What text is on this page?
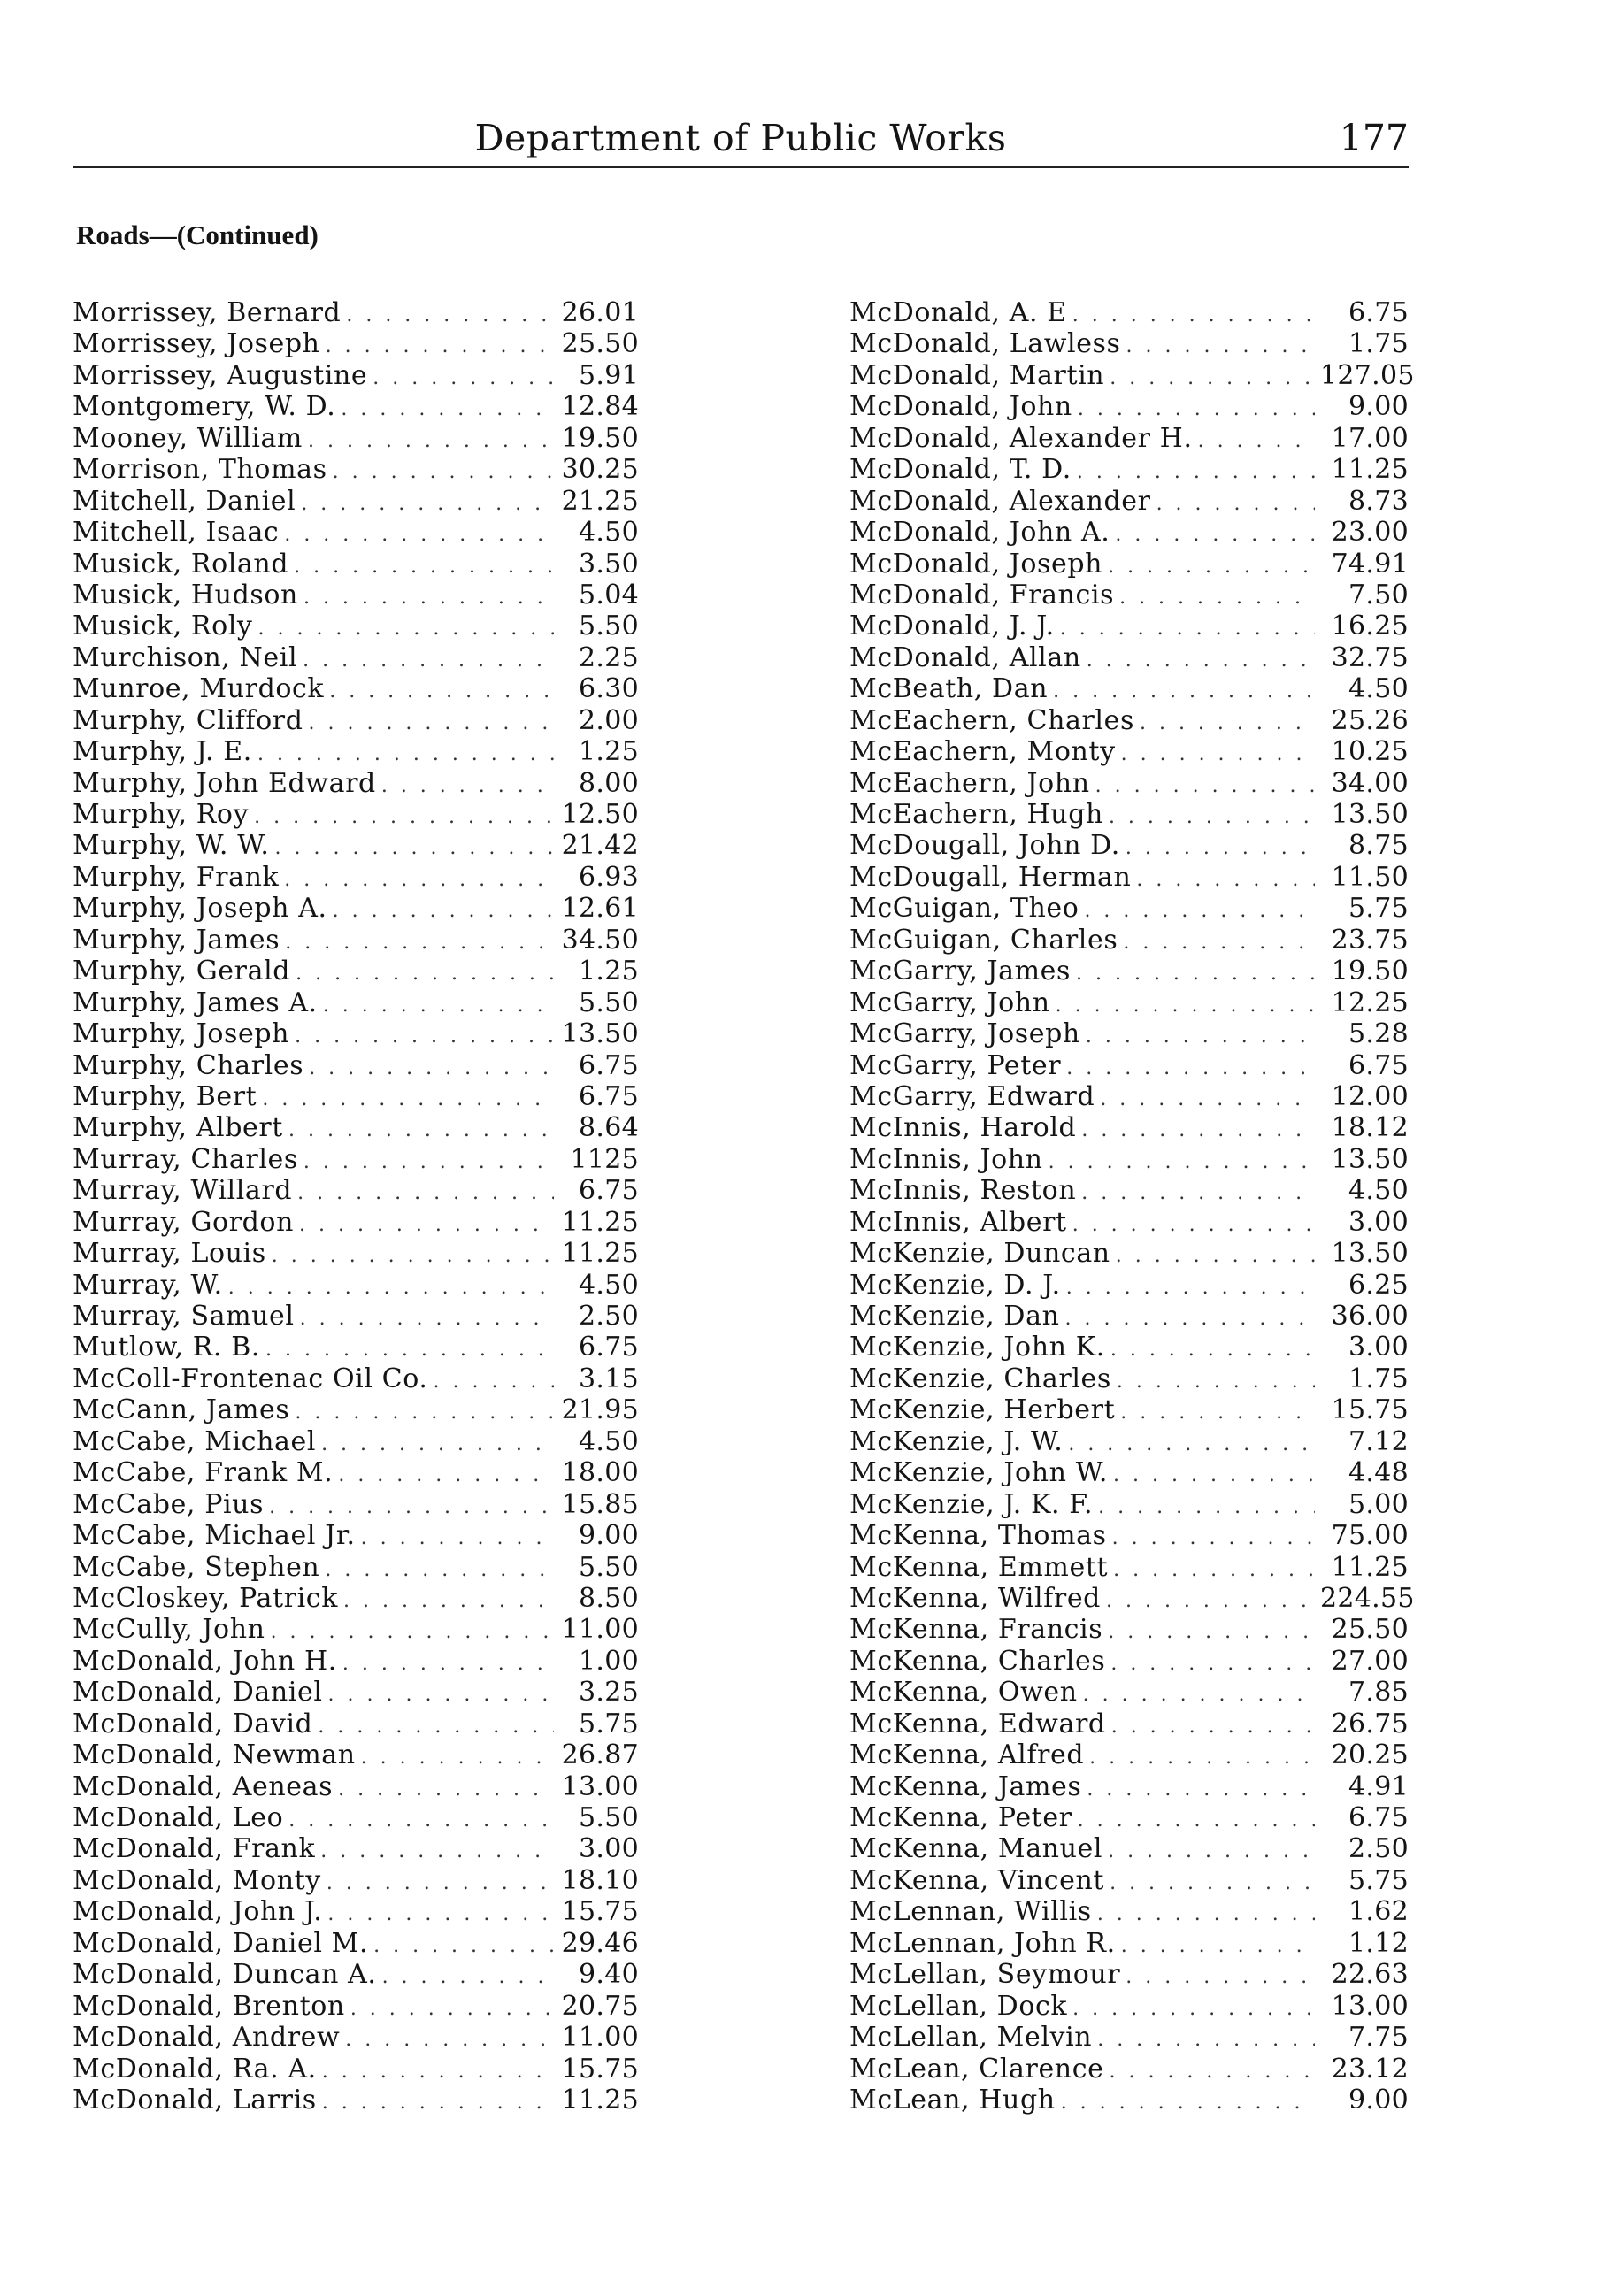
Department of Public Works	177
Roads—(Continued)
Morrissey, Bernard . . .	26.01
Morrissey, Joseph . . .	25.50
Morrissey, Augustine . . .	5.91
Montgomery, W. D. . . .	12.84
Mooney, William . . .	19.50
Morrison, Thomas . . .	30.25
Mitchell, Daniel . . .	21.25
Mitchell, Isaac . . .	4.50
Musick, Roland . . .	3.50
Musick, Hudson . . .	5.04
Musick, Roly . . .	5.50
Murchison, Neil . . .	2.25
Munroe, Murdock . . .	6.30
Murphy, Clifford . . .	2.00
Murphy, J. E. . . .	1.25
Murphy, John Edward . . .	8.00
Murphy, Roy . . .	12.50
Murphy, W. W. . . .	21.42
Murphy, Frank . . .	6.93
Murphy, Joseph A. . . .	12.61
Murphy, James . . .	34.50
Murphy, Gerald . . .	1.25
Murphy, James A. . . .	5.50
Murphy, Joseph . . .	13.50
Murphy, Charles . . .	6.75
Murphy, Bert . . .	6.75
Murphy, Albert . . .	8.64
Murray, Charles . . .	1125
Murray, Willard . . .	6.75
Murray, Gordon . . .	11.25
Murray, Louis . . .	11.25
Murray, W. . . .	4.50
Murray, Samuel . . .	2.50
Mutlow, R. B. . . .	6.75
McColl-Frontenac Oil Co. . . .	3.15
McCann, James . . .	21.95
McCabe, Michael . . .	4.50
McCabe, Frank M. . . .	18.00
McCabe, Pius . . .	15.85
McCabe, Michael Jr. . . .	9.00
McCabe, Stephen . . .	5.50
McCloskey, Patrick . . .	8.50
McCully, John . . .	11.00
McDonald, John H. . . .	1.00
McDonald, Daniel . . .	3.25
McDonald, David . . .	5.75
McDonald, Newman . . .	26.87
McDonald, Aeneas . . .	13.00
McDonald, Leo . . .	5.50
McDonald, Frank . . .	3.00
McDonald, Monty . . .	18.10
McDonald, John J. . . .	15.75
McDonald, Daniel M. . . .	29.46
McDonald, Duncan A. . . .	9.40
McDonald, Brenton . . .	20.75
McDonald, Andrew . . .	11.00
McDonald, Ra. A. . . .	15.75
McDonald, Larris . . .	11.25
McDonald, A. E . . .	6.75
McDonald, Lawless . . .	1.75
McDonald, Martin . . .	127.05
McDonald, John . . .	9.00
McDonald, Alexander H. . . .	17.00
McDonald, T. D. . . .	11.25
McDonald, Alexander . . .	8.73
McDonald, John A. . . .	23.00
McDonald, Joseph . . .	74.91
McDonald, Francis . . .	7.50
McDonald, J. J. . . .	16.25
McDonald, Allan . . .	32.75
McBeath, Dan . . .	4.50
McEachern, Charles . . .	25.26
McEachern, Monty . . .	10.25
McEachern, John . . .	34.00
McEachern, Hugh . . .	13.50
McDougall, John D. . . .	8.75
McDougall, Herman . . .	11.50
McGuigan, Theo . . .	5.75
McGuigan, Charles . . .	23.75
McGarry, James . . .	19.50
McGarry, John . . .	12.25
McGarry, Joseph . . .	5.28
McGarry, Peter . . .	6.75
McGarry, Edward . . .	12.00
McInnis, Harold . . .	18.12
McInnis, John . . .	13.50
McInnis, Reston . . .	4.50
McInnis, Albert . . .	3.00
McKenzie, Duncan . . .	13.50
McKenzie, D. J. . . .	6.25
McKenzie, Dan . . .	36.00
McKenzie, John K. . . .	3.00
McKenzie, Charles . . .	1.75
McKenzie, Herbert . . .	15.75
McKenzie, J. W. . . .	7.12
McKenzie, John W. . . .	4.48
McKenzie, J. K. F. . . .	5.00
McKenna, Thomas . . .	75.00
McKenna, Emmett . . .	11.25
McKenna, Wilfred . . .	224.55
McKenna, Francis . . .	25.50
McKenna, Charles . . .	27.00
McKenna, Owen . . .	7.85
McKenna, Edward . . .	26.75
McKenna, Alfred . . .	20.25
McKenna, James . . .	4.91
McKenna, Peter . . .	6.75
McKenna, Manuel . . .	2.50
McKenna, Vincent . . .	5.75
McLennan, Willis . . .	1.62
McLennan, John R. . . .	1.12
McLellan, Seymour . . .	22.63
McLellan, Dock . . .	13.00
McLellan, Melvin . . .	7.75
McLean, Clarence . . .	23.12
McLean, Hugh . . .	9.00
